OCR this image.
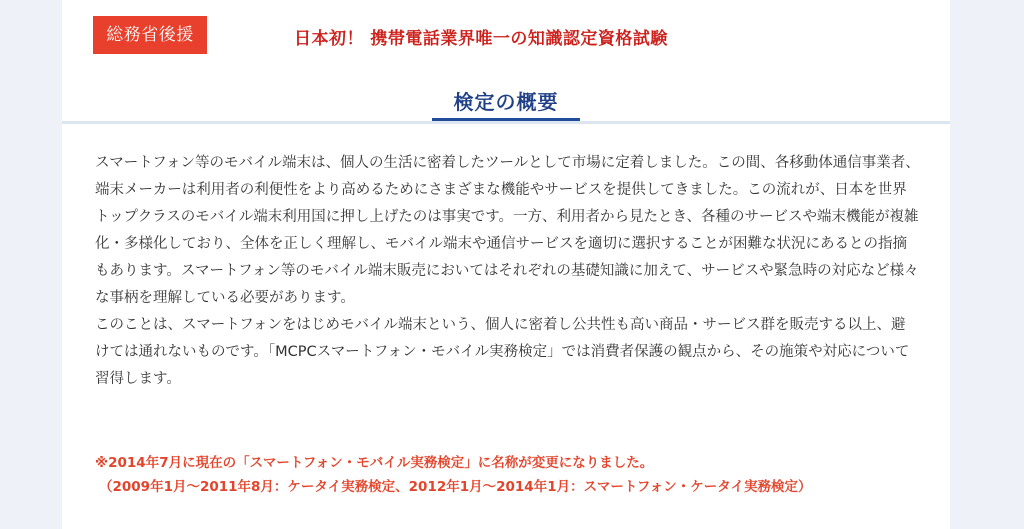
総務省後援	日本初！ 携帯電話業界唯一の知識認定資格試験
検定の概要

スマートフォン等のモバイル端末は、個人の生活に密着したツールとして市場に定着しました。この間、各移動体通信事業者、端末メーカーは利用者の利便性をより高めるためにさまざまな機能やサービスを提供してきました。この流れが、日本を世界トップクラスのモバイル端末利用国に押し上げたのは事実です。一方、利用者から見たとき、各種のサービスや端末機能が複雑化・多様化しており、全体を正しく理解し、モバイル端末や通信サービスを適切に選択することが困難な状況にあるとの指摘もあります。スマートフォン等のモバイル端末販売においてはそれぞれの基礎知識に加えて、サービスや緊急時の対応など様々な事柄を理解している必要があります。

このことは、スマートフォンをはじめモバイル端末という、個人に密着し公共性も高い商品・サービス群を販売する以上、避けては通れないものです。「MCPCスマートフォン・モバイル実務検定」では消費者保護の観点から、その施策や対応について習得します。

※2014年7月に現在の「スマートフォン・モバイル実務検定」に名称が変更になりました。
（2009年1月〜2011年8月：ケータイ実務検定、2012年1月〜2014年1月：スマートフォン・ケータイ実務検定）
